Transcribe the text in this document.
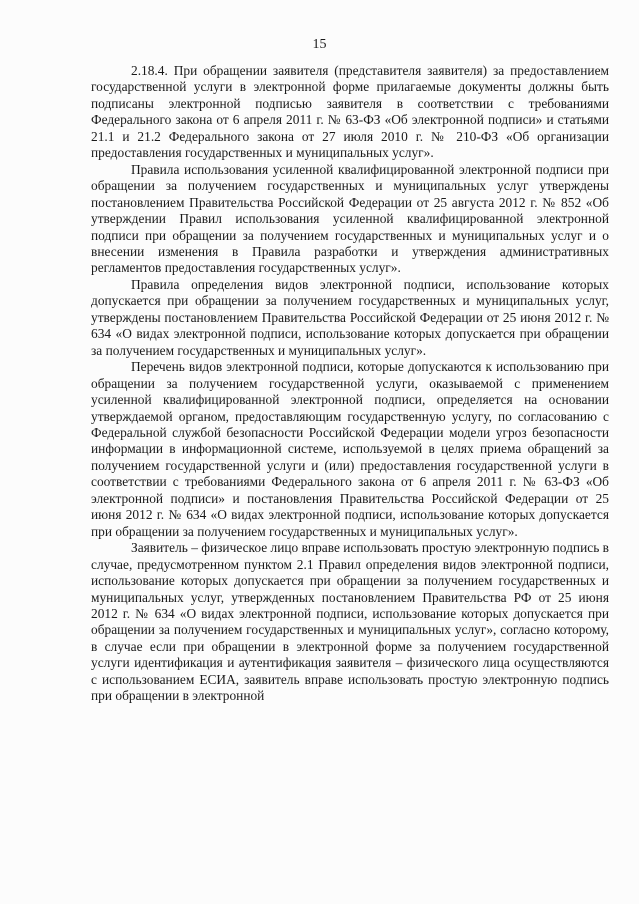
15

2.18.4. При обращении заявителя (представителя заявителя) за предоставлением государственной услуги в электронной форме прилагаемые документы должны быть подписаны электронной подписью заявителя в соответствии с требованиями Федерального закона от 6 апреля 2011 г. № 63-ФЗ «Об электронной подписи» и статьями 21.1 и 21.2 Федерального закона от 27 июля 2010 г. № 210-ФЗ «Об организации предоставления государственных и муниципальных услуг».

Правила использования усиленной квалифицированной электронной подписи при обращении за получением государственных и муниципальных услуг утверждены постановлением Правительства Российской Федерации от 25 августа 2012 г. № 852 «Об утверждении Правил использования усиленной квалифицированной электронной подписи при обращении за получением государственных и муниципальных услуг и о внесении изменения в Правила разработки и утверждения административных регламентов предоставления государственных услуг».

Правила определения видов электронной подписи, использование которых допускается при обращении за получением государственных и муниципальных услуг, утверждены постановлением Правительства Российской Федерации от 25 июня 2012 г. № 634 «О видах электронной подписи, использование которых допускается при обращении за получением государственных и муниципальных услуг».

Перечень видов электронной подписи, которые допускаются к использованию при обращении за получением государственной услуги, оказываемой с применением усиленной квалифицированной электронной подписи, определяется на основании утверждаемой органом, предоставляющим государственную услугу, по согласованию с Федеральной службой безопасности Российской Федерации модели угроз безопасности информации в информационной системе, используемой в целях приема обращений за получением государственной услуги и (или) предоставления государственной услуги в соответствии с требованиями Федерального закона от 6 апреля 2011 г. № 63-ФЗ «Об электронной подписи» и постановления Правительства Российской Федерации от 25 июня 2012 г. № 634 «О видах электронной подписи, использование которых допускается при обращении за получением государственных и муниципальных услуг».

Заявитель – физическое лицо вправе использовать простую электронную подпись в случае, предусмотренном пунктом 2.1 Правил определения видов электронной подписи, использование которых допускается при обращении за получением государственных и муниципальных услуг, утвержденных постановлением Правительства РФ от 25 июня 2012 г. № 634 «О видах электронной подписи, использование которых допускается при обращении за получением государственных и муниципальных услуг», согласно которому, в случае если при обращении в электронной форме за получением государственной услуги идентификация и аутентификация заявителя – физического лица осуществляются с использованием ЕСИА, заявитель вправе использовать простую электронную подпись при обращении в электронной
